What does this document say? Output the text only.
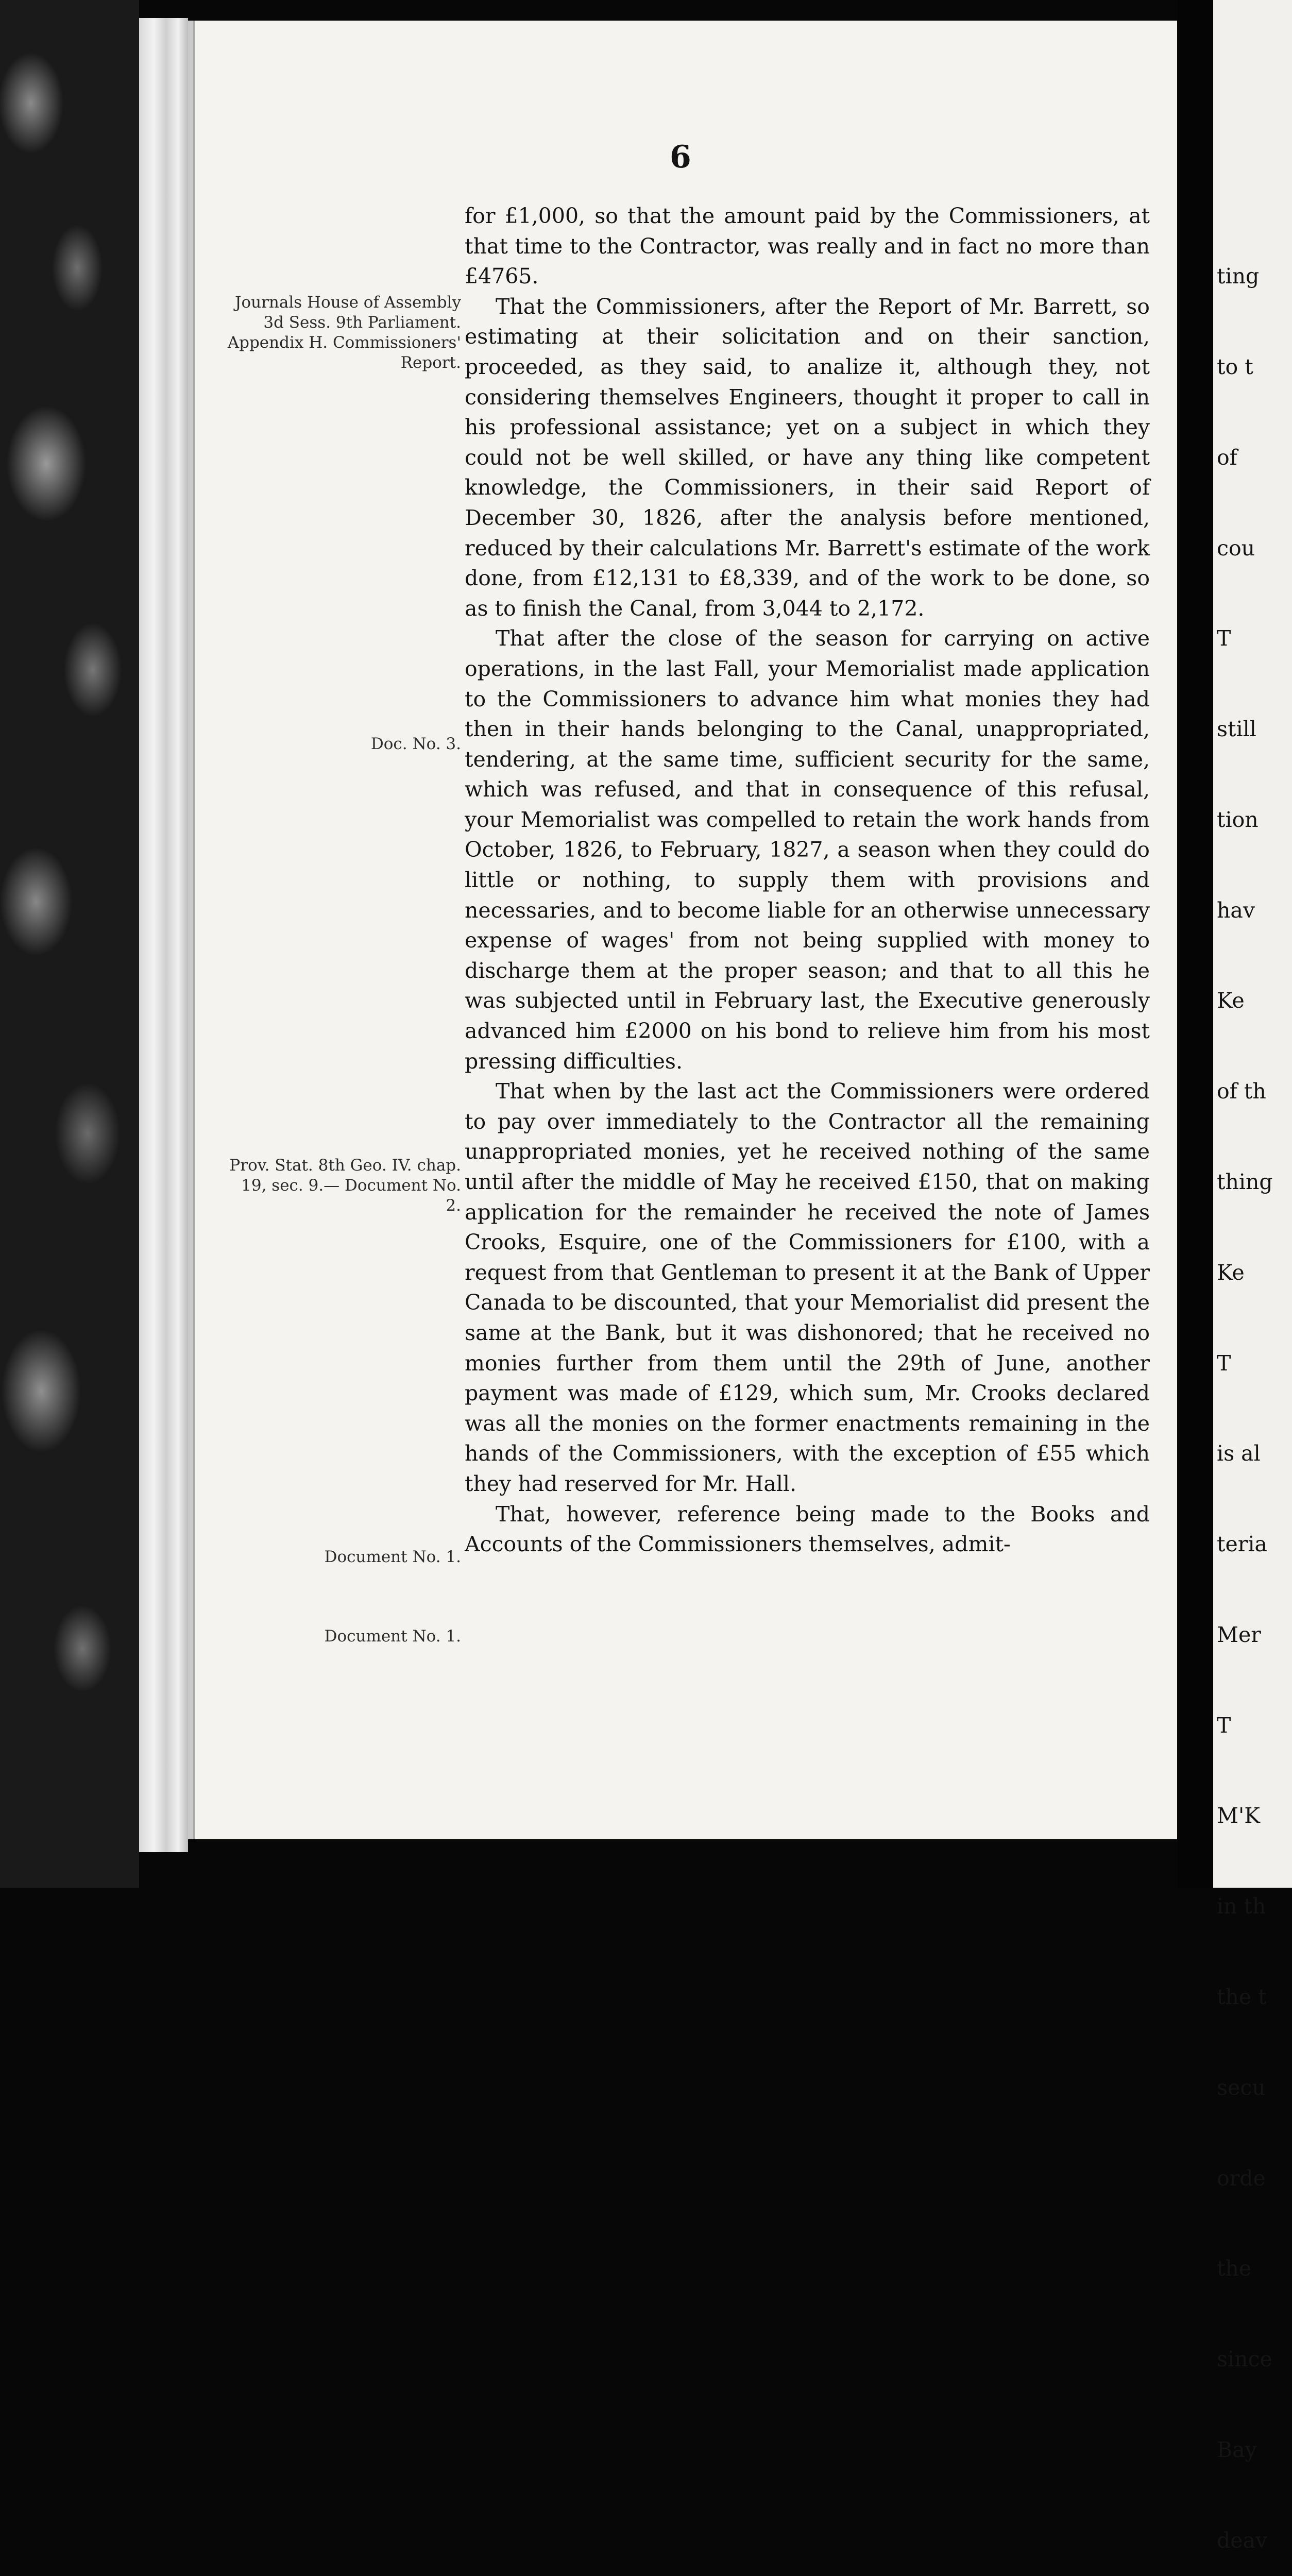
6

for £1,000, so that the amount paid by the Commissioners, at that time to the Contractor, was really and in fact no more than £4765.

That the Commissioners, after the Report of Mr. Barrett, so estimating at their solicitation and on their sanction, proceeded, as they said, to analize it, although they, not considering themselves Engineers, thought it proper to call in his professional assistance; yet on a subject in which they could not be well skilled, or have any thing like competent knowledge, the Commissioners, in their said Report of December 30, 1826, after the analysis before mentioned, reduced by their calculations Mr. Barrett's estimate of the work done, from £12,131 to £8,339, and of the work to be done, so as to finish the Canal, from 3,044 to 2,172.

That after the close of the season for carrying on active operations, in the last Fall, your Memorialist made application to the Commissioners to advance him what monies they had then in their hands belonging to the Canal, unappropriated, tendering, at the same time, sufficient security for the same, which was refused, and that in consequence of this refusal, your Memorialist was compelled to retain the work hands from October, 1826, to February, 1827, a season when they could do little or nothing, to supply them with provisions and necessaries, and to become liable for an otherwise unnecessary expense of wages' from not being supplied with money to discharge them at the proper season; and that to all this he was subjected until in February last, the Executive generously advanced him £2000 on his bond to relieve him from his most pressing difficulties.

That when by the last act the Commissioners were ordered to pay over immediately to the Contractor all the remaining unappropriated monies, yet he received nothing of the same until after the middle of May he received £150, that on making application for the remainder he received the note of James Crooks, Esquire, one of the Commissioners for £100, with a request from that Gentleman to present it at the Bank of Upper Canada to be discounted, that your Memorialist did present the same at the Bank, but it was dishonored; that he received no monies further from them until the 29th of June, another payment was made of £129, which sum, Mr. Crooks declared was all the monies on the former enactments remaining in the hands of the Commissioners, with the exception of £55 which they had reserved for Mr. Hall.

That, however, reference being made to the Books and Accounts of the Commissioners themselves, admit-

Journals House of Assembly 3d Sess. 9th Parliament. Appendix H. Commissioners' Report.
Doc. No. 3.
Prov. Stat. 8th Geo. IV. chap. 19, sec. 9.— Document No. 2.
Document No. 1.
Document No. 1.

ting

to t

of

cou

T

still

tion

hav

Ke

of th

thing

Ke

T

is al

teria

Mer

T

M'K

in th

the t

secu

orde

the

since

Bay

deav
